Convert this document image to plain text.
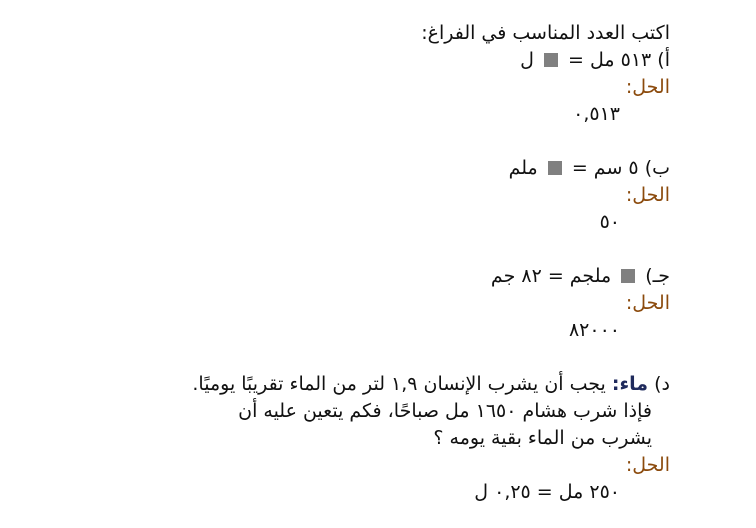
اكتب العدد المناسب في الفراغ:
أ) ٥١٣ مل =  ل
الحل:
٠,٥١٣
ب) ٥ سم =  ملم
الحل:
٥٠
جـ)  ملجم = ٨٢ جم
الحل:
٨٢٠٠٠
د) ماء: يجب أن يشرب الإنسان ١,٩ لتر من الماء تقريبًا يوميًا.
فإذا شرب هشام ١٦٥٠ مل صباحًا، فكم يتعين عليه أن
يشرب من الماء بقية يومه ؟
الحل:
٢٥٠ مل = ٠,٢٥ ل
